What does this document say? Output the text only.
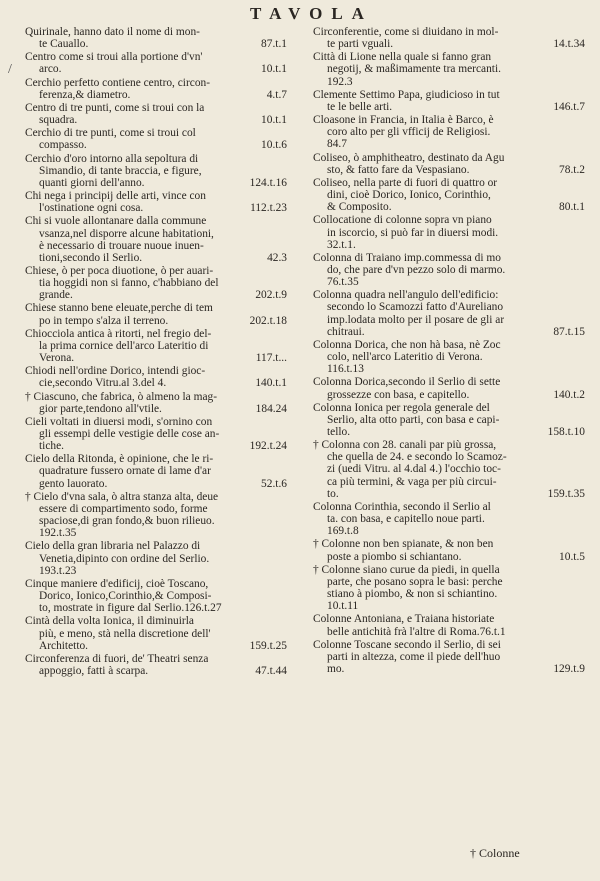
TAVOLA
/
Quirinale, hanno dato il nome di mon-
te Cauallo.	87.t.1
Centro come si troui alla portione d'vn'
arco.	10.t.1
Cerchio perfetto contiene centro, circon-
ferenza,& diametro.	4.t.7
Centro di tre punti, come si troui con la
squadra.	10.t.1
Cerchio di tre punti, come si troui col
compasso.	10.t.6
Cerchio d'oro intorno alla sepoltura di
Simandio, di tante braccia, e figure,
quanti giorni dell'anno.	124.t.16
Chi nega i principij delle arti, vince con
l'ostinatione ogni cosa.	112.t.23
Chi si vuole allontanare dalla commune
vsanza,nel disporre alcune habitationi,
è necessario di trouare nuoue inuen-
tioni,secondo il Serlio.	42.3
Chiese, ò per poca diuotione, ò per auari-
tia hoggidi non si fanno, c'habbiano del
grande.	202.t.9
Chiese stanno bene eleuate,perche di tem
po in tempo s'alza il terreno.	202.t.18
Chiocciola antica à ritorti, nel fregio del-
la prima cornice dell'arco Lateritio di
Verona.	117.t...
Chiodi nell'ordine Dorico, intendi gioc-
cie,secondo Vitru.al 3.del 4.	140.t.1
† Ciascuno, che fabrica, ò almeno la mag-
gior parte,tendono all'vtile.	184.24
Cieli voltati in diuersi modi, s'ornino con
gli essempi delle vestigie delle cose an-
tiche.	192.t.24
Cielo della Ritonda, è opinione, che le ri-
quadrature fussero ornate di lame d'ar
gento lauorato.	52.t.6
† Cielo d'vna sala, ò altra stanza alta, deue
essere di compartimento sodo, forme
spaciose,di gran fondo,& buon rilieuo.
192.t.35
Cielo della gran libraria nel Palazzo di
Venetia,dipinto con ordine del Serlio.
193.t.23
Cinque maniere d'edificij, cioè Toscano,
Dorico, Ionico,Corinthio,& Composi-
to, mostrate in figure dal Serlio.126.t.27
Cintà della volta Ionica, il diminuirla
più, e meno, stà nella discretione dell'
Architetto.	159.t.25
Circonferenza di fuori, de' Theatri senza
appoggio, fatti à scarpa.	47.t.44
Circonferentie, come si diuidano in mol-
te parti vguali.	14.t.34
Città di Lione nella quale si fanno gran
negotij, & maßimamente tra mercanti.
192.3
Clemente Settimo Papa, giudicioso in tut
te le belle arti.	146.t.7
Cloasone in Francia, in Italia è Barco, è
coro alto per gli vfficij de Religiosi.
84.7
Coliseo, ò amphitheatro, destinato da Agu
sto, & fatto fare da Vespasiano.	78.t.2
Coliseo, nella parte di fuori di quattro or
dini, cioè Dorico, Ionico, Corinthio,
& Composito.	80.t.1
Collocatione di colonne sopra vn piano
in iscorcio, si può far in diuersi modi.
32.t.1.
Colonna di Traiano imp.commessa di mo
do, che pare d'vn pezzo solo di marmo.
76.t.35
Colonna quadra nell'angulo dell'edificio:
secondo lo Scamozzi fatto d'Aureliano
imp.lodata molto per il posare de gli ar
chitraui.	87.t.15
Colonna Dorica, che non hà basa, nè Zoc
colo, nell'arco Lateritio di Verona.
116.t.13
Colonna Dorica,secondo il Serlio di sette
grossezze con basa, e capitello.	140.t.2
Colonna Ionica per regola generale del
Serlio, alta otto parti, con basa e capi-
tello.	158.t.10
† Colonna con 28. canali par più grossa,
che quella de 24. e secondo lo Scamoz-
zi (uedi Vitru. al 4.dal 4.) l'occhio toc-
ca più termini, & vaga per più circui-
to.	159.t.35
Colonna Corinthia, secondo il Serlio al
ta. con basa, e capitello noue parti.
169.t.8
† Colonne non ben spianate, & non ben
poste a piombo si schiantano.	10.t.5
† Colonne siano curue da piedi, in quella
parte, che posano sopra le basi: perche
stiano à piombo, & non si schiantino.
10.t.11
Colonne Antoniana, e Traiana historiate
belle antichità frà l'altre di Roma.76.t.1
Colonne Toscane secondo il Serlio, di sei
parti in altezza, come il piede dell'huo
mo.	129.t.9
† Colonne
